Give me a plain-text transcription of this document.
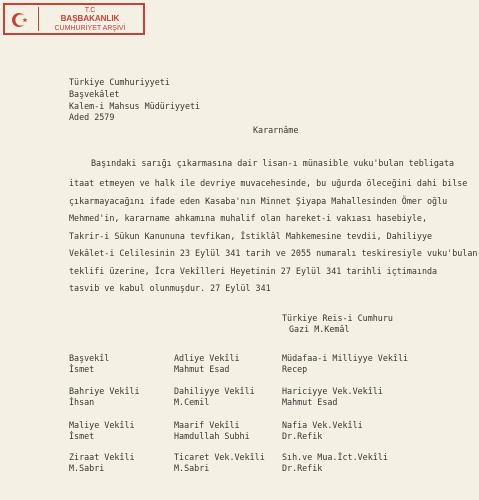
T.C
BAŞBAKANLIK
CUMHURİYET ARŞİVİ
Türkiye Cumhuriyyeti
Başvekâlet
Kalem-i Mahsus Müdüriyyeti
Aded 2579
Kararnâme
Başındaki sarığı çıkarmasına dair lisan-ı münasible vuku'bulan tebligata
itaat etmeyen ve halk ile devriye muvacehesinde, bu uğurda öleceğini dahi bilse
çıkarmayacağını ifade eden Kasaba'nın Minnet Şiyapa Mahallesinden Ömer oğlu
Mehmed'in, kararname ahkamına muhalif olan hareket-i vakıası hasebiyle,
Takrir-i Sükun Kanununa tevfikan, İstiklâl Mahkemesine tevdii, Dahiliyye
Vekâlet-i Celilesinin 23 Eylül 341 tarih ve 2055 numaralı teskiresiyle vuku'bulan
teklifi üzerine, İcra Vekîlleri Heyetinin 27 Eylül 341 tarihli içtimaında
tasvib ve kabul olunmuşdur. 27 Eylül 341
Türkiye Reis-i Cumhuru
Gazi M.Kemâl
Başvekîl
İsmet
Adliye Vekîli
Mahmut Esad
Müdafaa-i Milliyye Vekîli
Recep
Bahriye Vekîli
İhsan
Dahiliyye Vekîli
M.Cemil
Hariciyye Vek.Vekîli
Mahmut Esad
Maliye Vekîli
İsmet
Maarif Vekîli
Hamdullah Subhi
Nafia Vek.Vekîli
Dr.Refik
Ziraat Vekîli
M.Sabri
Ticaret Vek.Vekîli
M.Sabri
Sıh.ve Mua.İct.Vekîli
Dr.Refik
